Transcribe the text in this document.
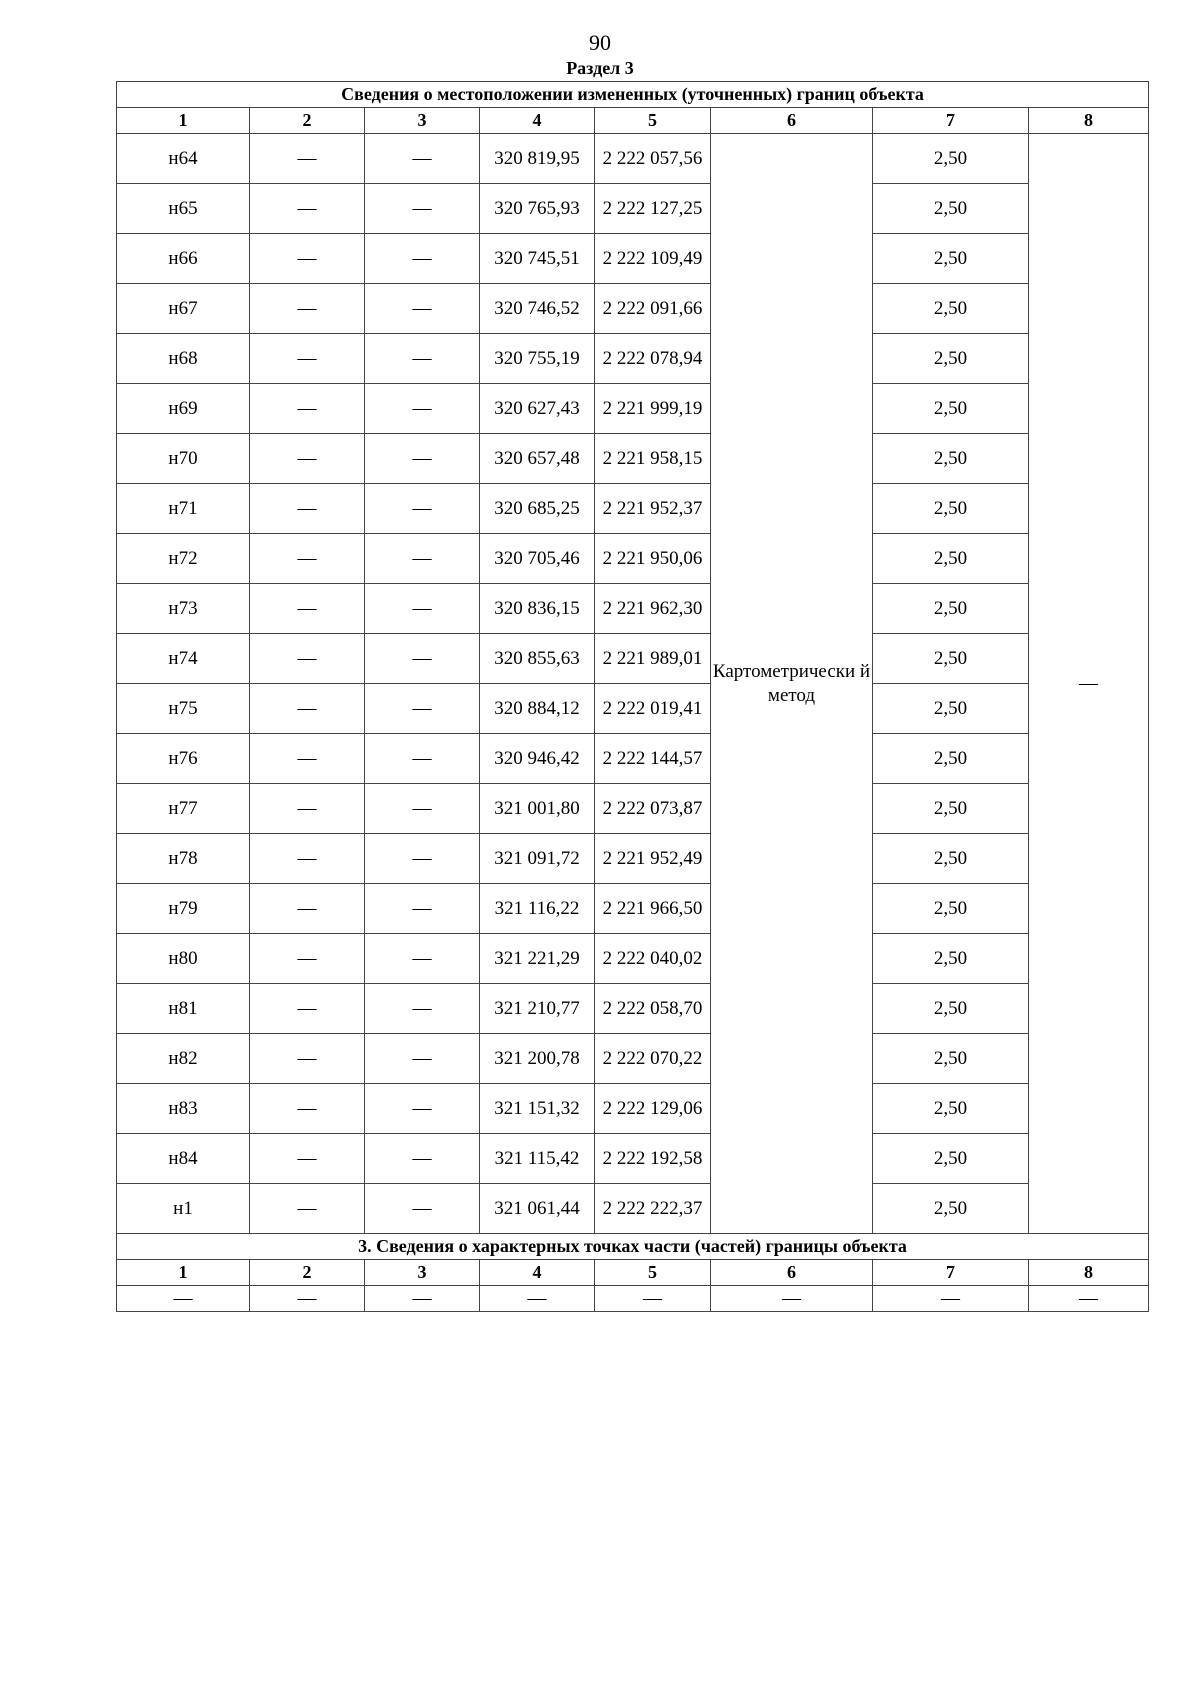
90
Раздел 3
Сведения о местоположении измененных (уточненных) границ объекта							
1	2	3	4	5	6	7	8
н64	—	—	320 819,95	2 222 057,56	Картометрически й метод	2,50	—
н65	—	—	320 765,93	2 222 127,25		2,50	
н66	—	—	320 745,51	2 222 109,49		2,50	
н67	—	—	320 746,52	2 222 091,66		2,50	
н68	—	—	320 755,19	2 222 078,94		2,50	
н69	—	—	320 627,43	2 221 999,19		2,50	
н70	—	—	320 657,48	2 221 958,15		2,50	
н71	—	—	320 685,25	2 221 952,37		2,50	
н72	—	—	320 705,46	2 221 950,06		2,50	
н73	—	—	320 836,15	2 221 962,30		2,50	
н74	—	—	320 855,63	2 221 989,01		2,50	
н75	—	—	320 884,12	2 222 019,41		2,50	
н76	—	—	320 946,42	2 222 144,57		2,50	
н77	—	—	321 001,80	2 222 073,87		2,50	
н78	—	—	321 091,72	2 221 952,49		2,50	
н79	—	—	321 116,22	2 221 966,50		2,50	
н80	—	—	321 221,29	2 222 040,02		2,50	
н81	—	—	321 210,77	2 222 058,70		2,50	
н82	—	—	321 200,78	2 222 070,22		2,50	
н83	—	—	321 151,32	2 222 129,06		2,50	
н84	—	—	321 115,42	2 222 192,58		2,50	
н1	—	—	321 061,44	2 222 222,37		2,50	
3. Сведения о характерных точках части (частей) границы объекта							
1	2	3	4	5	6	7	8
—	—	—	—	—	—	—	—
